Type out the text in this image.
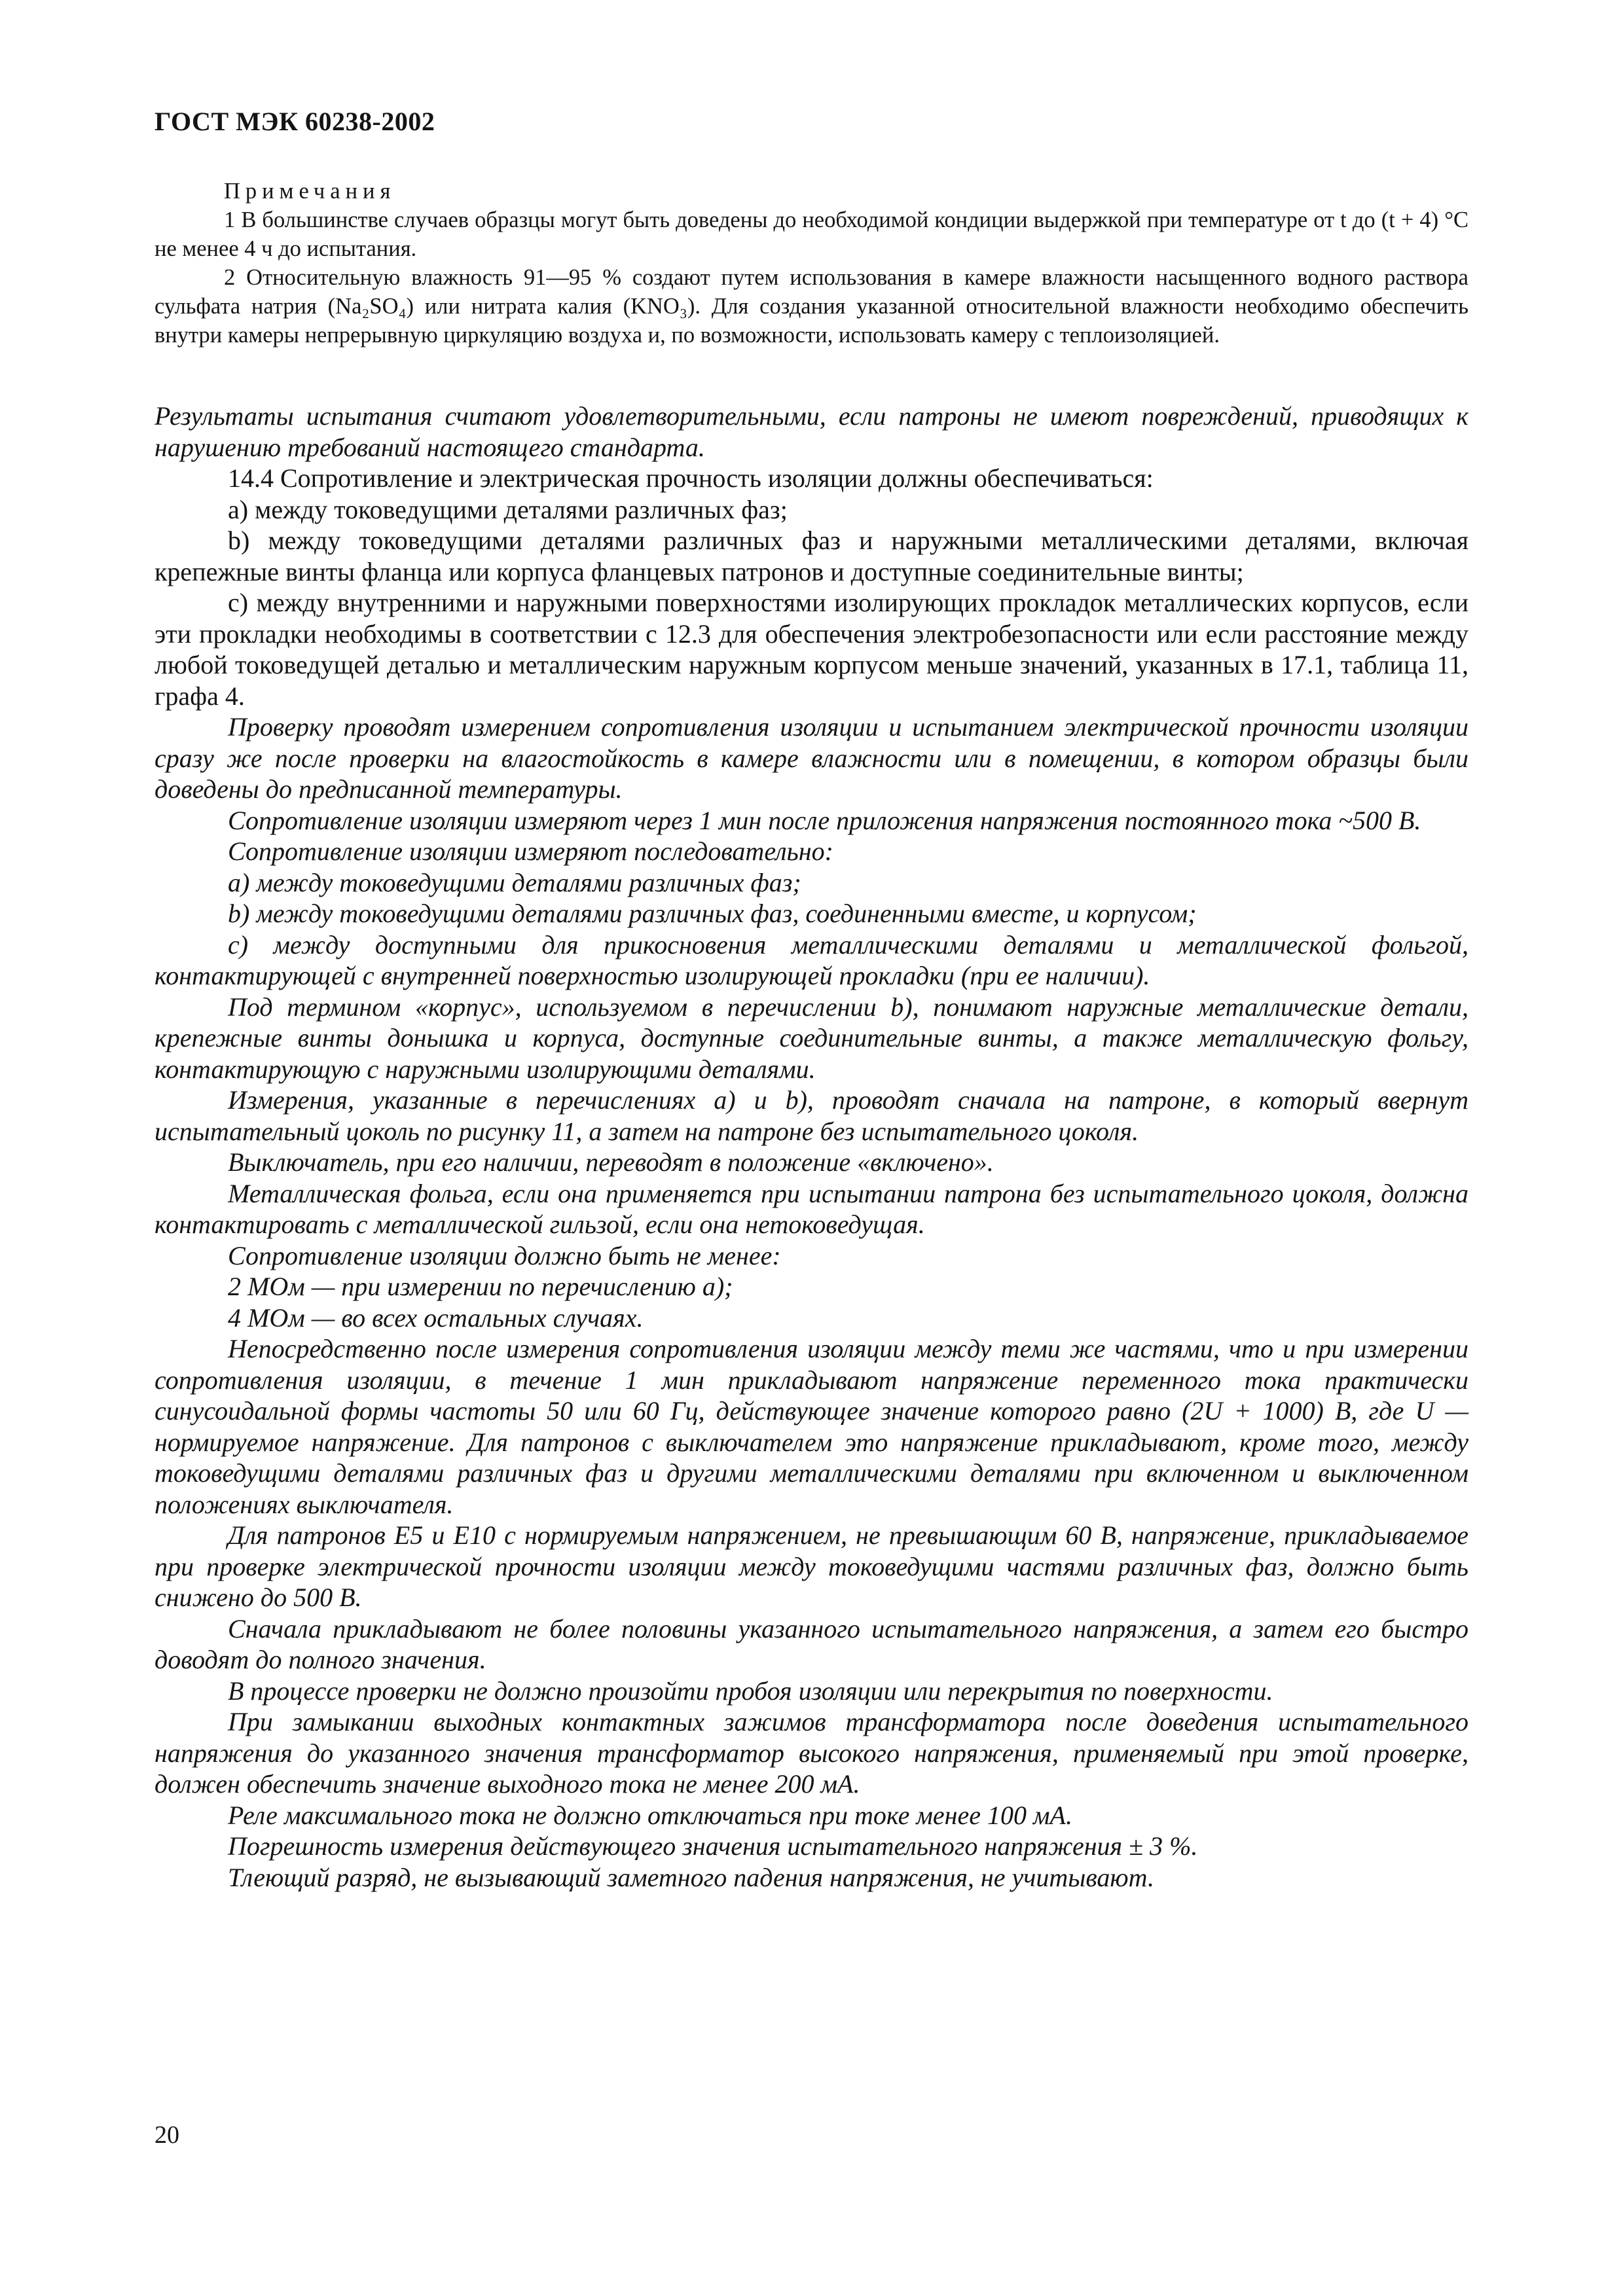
ГОСТ МЭК 60238-2002

Примечания

1 В большинстве случаев образцы могут быть доведены до необходимой кондиции выдержкой при температуре от t до (t + 4) °С не менее 4 ч до испытания.

2 Относительную влажность 91—95 % создают путем использования в камере влажности насыщенного водного раствора сульфата натрия (Na₂SO₄) или нитрата калия (KNO₃). Для создания указанной относительной влажности необходимо обеспечить внутри камеры непрерывную циркуляцию воздуха и, по возможности, использовать камеру с теплоизоляцией.

Результаты испытания считают удовлетворительными, если патроны не имеют повреждений, приводящих к нарушению требований настоящего стандарта.

14.4 Сопротивление и электрическая прочность изоляции должны обеспечиваться:

a) между токоведущими деталями различных фаз;

b) между токоведущими деталями различных фаз и наружными металлическими деталями, включая крепежные винты фланца или корпуса фланцевых патронов и доступные соединительные винты;

c) между внутренними и наружными поверхностями изолирующих прокладок металлических корпусов, если эти прокладки необходимы в соответствии с 12.3 для обеспечения электробезопасности или если расстояние между любой токоведущей деталью и металлическим наружным корпусом меньше значений, указанных в 17.1, таблица 11, графа 4.

Проверку проводят измерением сопротивления изоляции и испытанием электрической прочности изоляции сразу же после проверки на влагостойкость в камере влажности или в помещении, в котором образцы были доведены до предписанной температуры.

Сопротивление изоляции измеряют через 1 мин после приложения напряжения постоянного тока ~500 В.

Сопротивление изоляции измеряют последовательно:

a) между токоведущими деталями различных фаз;

b) между токоведущими деталями различных фаз, соединенными вместе, и корпусом;

c) между доступными для прикосновения металлическими деталями и металлической фольгой, контактирующей с внутренней поверхностью изолирующей прокладки (при ее наличии).

Под термином «корпус», используемом в перечислении b), понимают наружные металлические детали, крепежные винты донышка и корпуса, доступные соединительные винты, а также металлическую фольгу, контактирующую с наружными изолирующими деталями.

Измерения, указанные в перечислениях a) и b), проводят сначала на патроне, в который ввернут испытательный цоколь по рисунку 11, а затем на патроне без испытательного цоколя.

Выключатель, при его наличии, переводят в положение «включено».

Металлическая фольга, если она применяется при испытании патрона без испытательного цоколя, должна контактировать с металлической гильзой, если она нетоковедущая.

Сопротивление изоляции должно быть не менее:

2 МОм — при измерении по перечислению a);

4 МОм — во всех остальных случаях.

Непосредственно после измерения сопротивления изоляции между теми же частями, что и при измерении сопротивления изоляции, в течение 1 мин прикладывают напряжение переменного тока практически синусоидальной формы частоты 50 или 60 Гц, действующее значение которого равно (2U + 1000) В, где U — нормируемое напряжение. Для патронов с выключателем это напряжение прикладывают, кроме того, между токоведущими деталями различных фаз и другими металлическими деталями при включенном и выключенном положениях выключателя.

Для патронов E5 и E10 с нормируемым напряжением, не превышающим 60 В, напряжение, прикладываемое при проверке электрической прочности изоляции между токоведущими частями различных фаз, должно быть снижено до 500 В.

Сначала прикладывают не более половины указанного испытательного напряжения, а затем его быстро доводят до полного значения.

В процессе проверки не должно произойти пробоя изоляции или перекрытия по поверхности.

При замыкании выходных контактных зажимов трансформатора после доведения испытательного напряжения до указанного значения трансформатор высокого напряжения, применяемый при этой проверке, должен обеспечить значение выходного тока не менее 200 мА.

Реле максимального тока не должно отключаться при токе менее 100 мА.

Погрешность измерения действующего значения испытательного напряжения ± 3 %.

Тлеющий разряд, не вызывающий заметного падения напряжения, не учитывают.

20
